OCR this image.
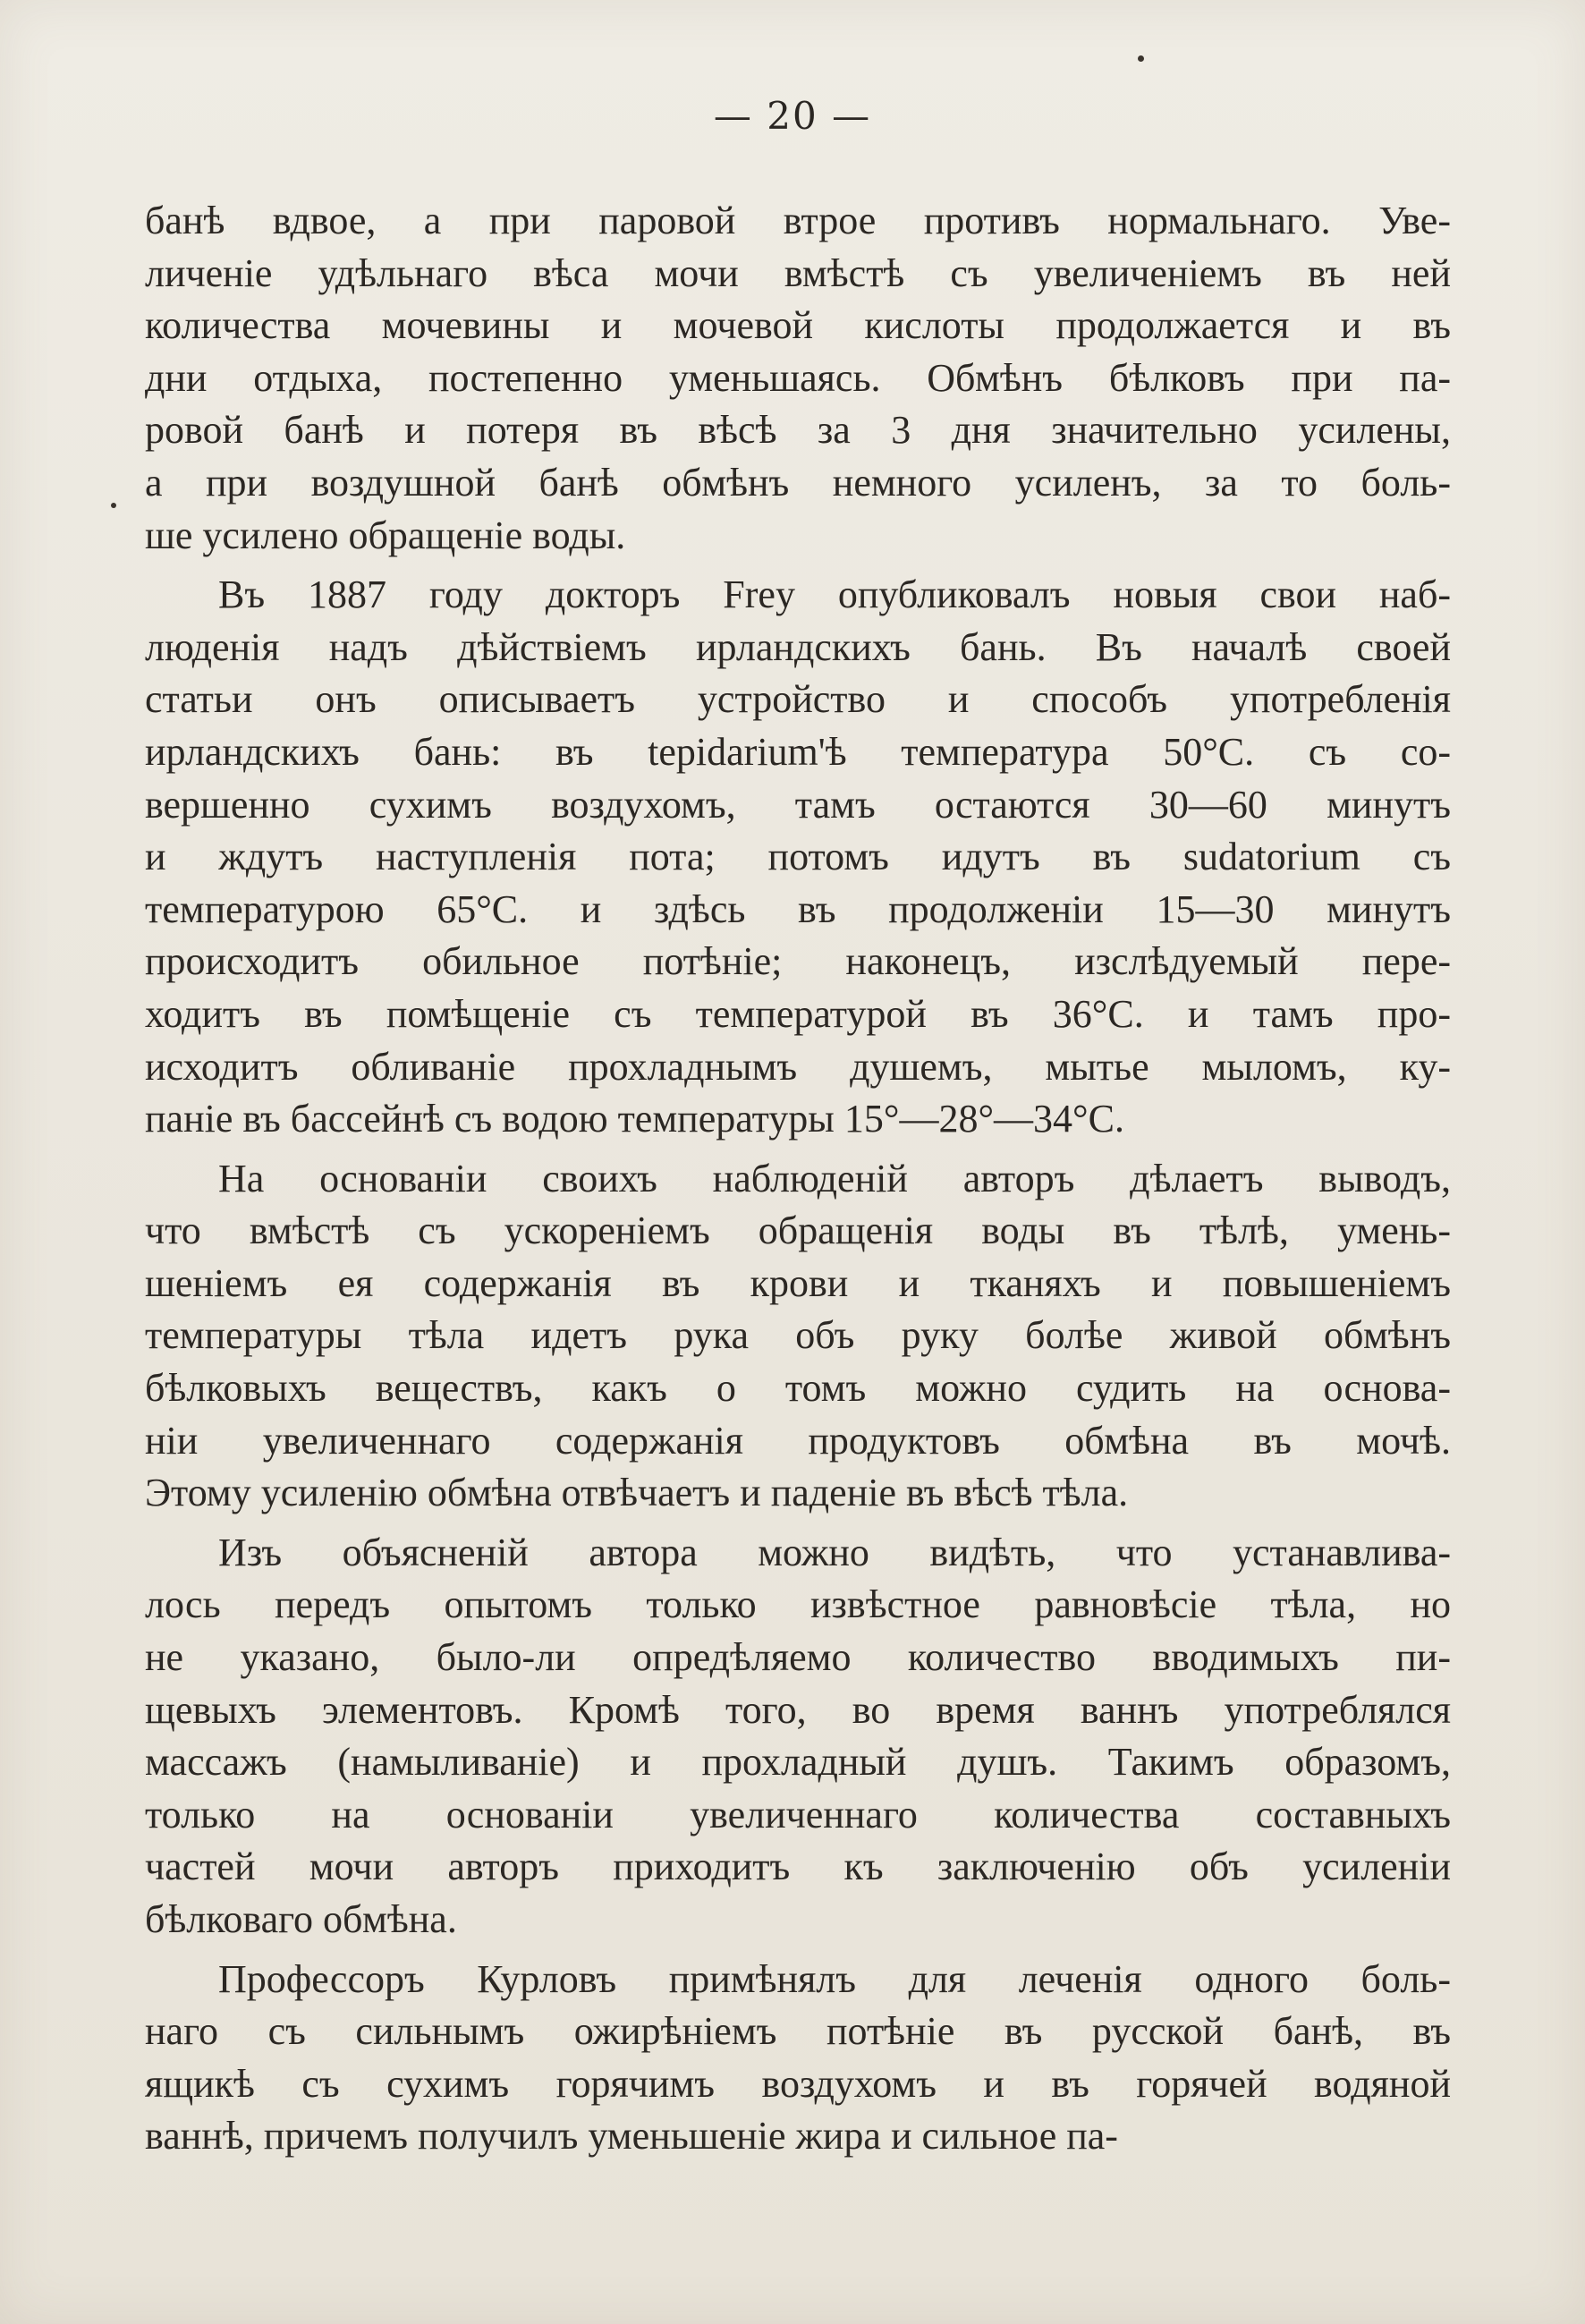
— 20 —
банѣ вдвое, а при паровой втрое противъ нормальнаго. Уве-
личеніе удѣльнаго вѣса мочи вмѣстѣ съ увеличеніемъ въ ней
количества мочевины и мочевой кислоты продолжается и въ
дни отдыха, постепенно уменьшаясь. Обмѣнъ бѣлковъ при па-
ровой банѣ и потеря въ вѣсѣ за 3 дня значительно усилены,
а при воздушной банѣ обмѣнъ немного усиленъ, за то боль-
ше усилено обращеніе воды.
Въ 1887 году докторъ Frey опубликовалъ новыя свои наб-
люденія надъ дѣйствіемъ ирландскихъ бань. Въ началѣ своей
статьи онъ описываетъ устройство и способъ употребленія
ирландскихъ бань: въ tepidarium'ѣ температура 50°С. съ со-
вершенно сухимъ воздухомъ, тамъ остаются 30—60 минутъ
и ждутъ наступленія пота; потомъ идутъ въ sudatorium съ
температурою 65°С. и здѣсь въ продолженіи 15—30 минутъ
происходитъ обильное потѣніе; наконецъ, изслѣдуемый пере-
ходитъ въ помѣщеніе съ температурой въ 36°С. и тамъ про-
исходитъ обливаніе прохладнымъ душемъ, мытье мыломъ, ку-
паніе въ бассейнѣ съ водою температуры 15°—28°—34°С.
На основаніи своихъ наблюденій авторъ дѣлаетъ выводъ,
что вмѣстѣ съ ускореніемъ обращенія воды въ тѣлѣ, умень-
шеніемъ ея содержанія въ крови и тканяхъ и повышеніемъ
температуры тѣла идетъ рука объ руку болѣе живой обмѣнъ
бѣлковыхъ веществъ, какъ о томъ можно судить на основа-
ніи увеличеннаго содержанія продуктовъ обмѣна въ мочѣ.
Этому усиленію обмѣна отвѣчаетъ и паденіе въ вѣсѣ тѣла.
Изъ объясненій автора можно видѣть, что устанавлива-
лось передъ опытомъ только извѣстное равновѣсіе тѣла, но
не указано, было-ли опредѣляемо количество вводимыхъ пи-
щевыхъ элементовъ. Кромѣ того, во время ваннъ употреблялся
массажъ (намыливаніе) и прохладный душъ. Такимъ образомъ,
только на основаніи увеличеннаго количества составныхъ
частей мочи авторъ приходитъ къ заключенію объ усиленіи
бѣлковаго обмѣна.
Профессоръ Курловъ примѣнялъ для леченія одного боль-
наго съ сильнымъ ожирѣніемъ потѣніе въ русской банѣ, въ
ящикѣ съ сухимъ горячимъ воздухомъ и въ горячей водяной
ваннѣ, причемъ получилъ уменьшеніе жира и сильное па-
